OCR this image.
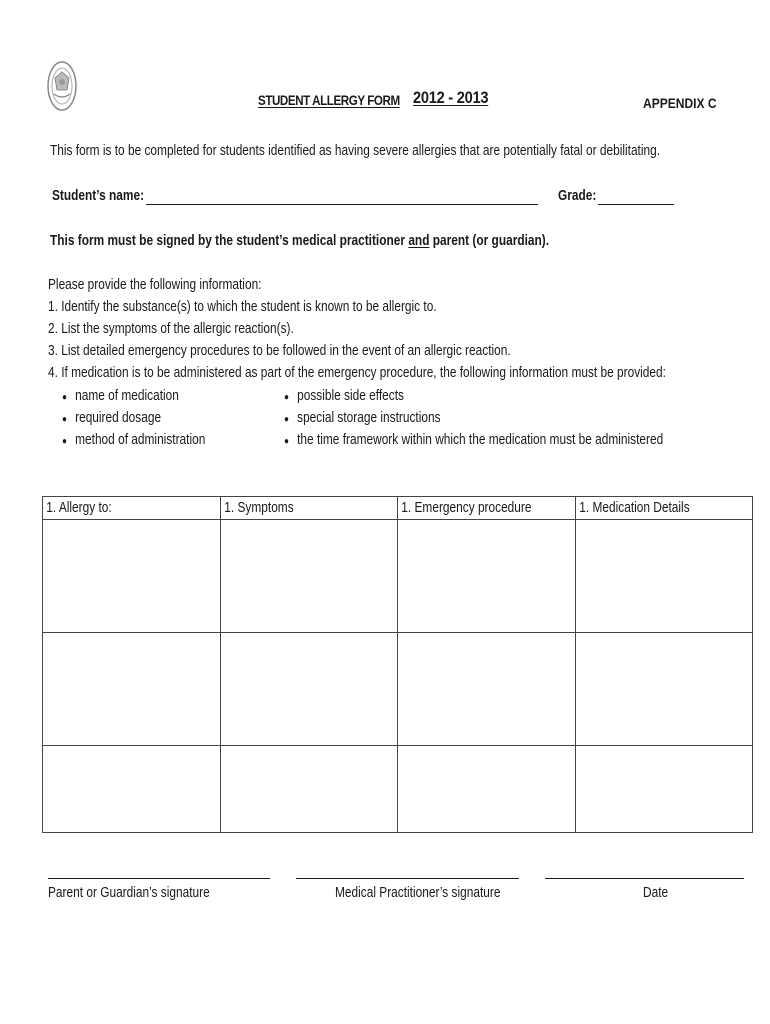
STUDENT ALLERGY FORM 2012 - 2013	APPENDIX C
This form is to be completed for students identified as having severe allergies that are potentially fatal or debilitating.
Student’s name:	Grade:
This form must be signed by the student’s medical practitioner and parent (or guardian).
Please provide the following information:
1. Identify the substance(s) to which the student is known to be allergic to.
2. List the symptoms of the allergic reaction(s).
3. List detailed emergency procedures to be followed in the event of an allergic reaction.
4. If medication is to be administered as part of the emergency procedure, the following information must be provided:
● name of medication
● required dosage
● method of administration
● possible side effects
● special storage instructions
● the time framework within which the medication must be administered
1. Allergy to:	1. Symptoms	1. Emergency procedure	1. Medication Details

Parent or Guardian’s signature	Medical Practitioner’s signature	Date
